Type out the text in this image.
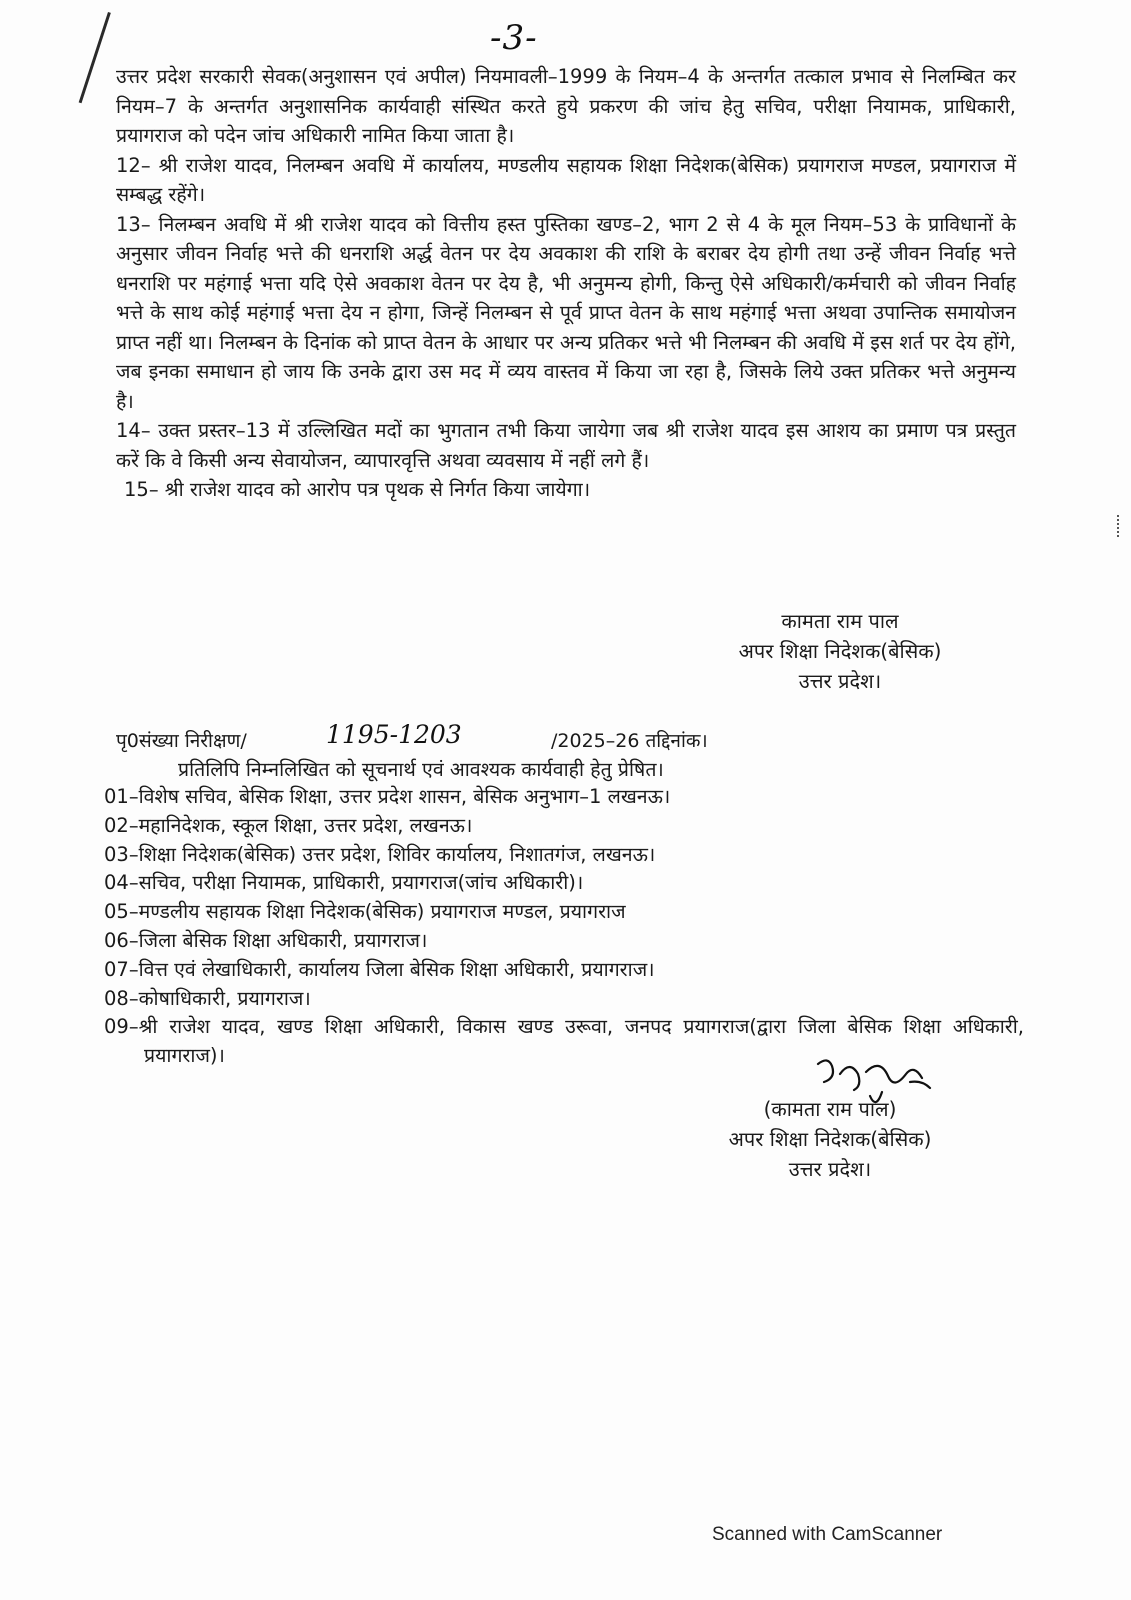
-3-

उत्तर प्रदेश सरकारी सेवक(अनुशासन एवं अपील) नियमावली–1999 के नियम–4 के अन्तर्गत तत्काल प्रभाव से निलम्बित कर नियम–7 के अन्तर्गत अनुशासनिक कार्यवाही संस्थित करते हुये प्रकरण की जांच हेतु सचिव, परीक्षा नियामक, प्राधिकारी, प्रयागराज को पदेन जांच अधिकारी नामित किया जाता है।

12– श्री राजेश यादव, निलम्बन अवधि में कार्यालय, मण्डलीय सहायक शिक्षा निदेशक(बेसिक) प्रयागराज मण्डल, प्रयागराज में सम्बद्ध रहेंगे।

13– निलम्बन अवधि में श्री राजेश यादव को वित्तीय हस्त पुस्तिका खण्ड–2, भाग 2 से 4 के मूल नियम–53 के प्राविधानों के अनुसार जीवन निर्वाह भत्ते की धनराशि अर्द्ध वेतन पर देय अवकाश की राशि के बराबर देय होगी तथा उन्हें जीवन निर्वाह भत्ते धनराशि पर महंगाई भत्ता यदि ऐसे अवकाश वेतन पर देय है, भी अनुमन्य होगी, किन्तु ऐसे अधिकारी/कर्मचारी को जीवन निर्वाह भत्ते के साथ कोई महंगाई भत्ता देय न होगा, जिन्हें निलम्बन से पूर्व प्राप्त वेतन के साथ महंगाई भत्ता अथवा उपान्तिक समायोजन प्राप्त नहीं था। निलम्बन के दिनांक को प्राप्त वेतन के आधार पर अन्य प्रतिकर भत्ते भी निलम्बन की अवधि में इस शर्त पर देय होंगे, जब इनका समाधान हो जाय कि उनके द्वारा उस मद में व्यय वास्तव में किया जा रहा है, जिसके लिये उक्त प्रतिकर भत्ते अनुमन्य है।

14– उक्त प्रस्तर–13 में उल्लिखित मदों का भुगतान तभी किया जायेगा जब श्री राजेश यादव इस आशय का प्रमाण पत्र प्रस्तुत करें कि वे किसी अन्य सेवायोजन, व्यापारवृत्ति अथवा व्यवसाय में नहीं लगे हैं।

15– श्री राजेश यादव को आरोप पत्र पृथक से निर्गत किया जायेगा।

कामता राम पाल
अपर शिक्षा निदेशक(बेसिक)
उत्तर प्रदेश।
पृ0संख्या निरीक्षण/	1195-1203	/2025–26 तद्दिनांक।
प्रतिलिपि निम्नलिखित को सूचनार्थ एवं आवश्यक कार्यवाही हेतु प्रेषित।
01–विशेष सचिव, बेसिक शिक्षा, उत्तर प्रदेश शासन, बेसिक अनुभाग–1 लखनऊ।
02–महानिदेशक, स्कूल शिक्षा, उत्तर प्रदेश, लखनऊ।
03–शिक्षा निदेशक(बेसिक) उत्तर प्रदेश, शिविर कार्यालय, निशातगंज, लखनऊ।
04–सचिव, परीक्षा नियामक, प्राधिकारी, प्रयागराज(जांच अधिकारी)।
05–मण्डलीय सहायक शिक्षा निदेशक(बेसिक) प्रयागराज मण्डल, प्रयागराज
06–जिला बेसिक शिक्षा अधिकारी, प्रयागराज।
07–वित्त एवं लेखाधिकारी, कार्यालय जिला बेसिक शिक्षा अधिकारी, प्रयागराज।
08–कोषाधिकारी, प्रयागराज।
09–श्री राजेश यादव, खण्ड शिक्षा अधिकारी, विकास खण्ड उरूवा, जनपद प्रयागराज(द्वारा जिला बेसिक शिक्षा अधिकारी, प्रयागराज)।
(कामता राम पाल)
अपर शिक्षा निदेशक(बेसिक)
उत्तर प्रदेश।
Scanned with CamScanner
